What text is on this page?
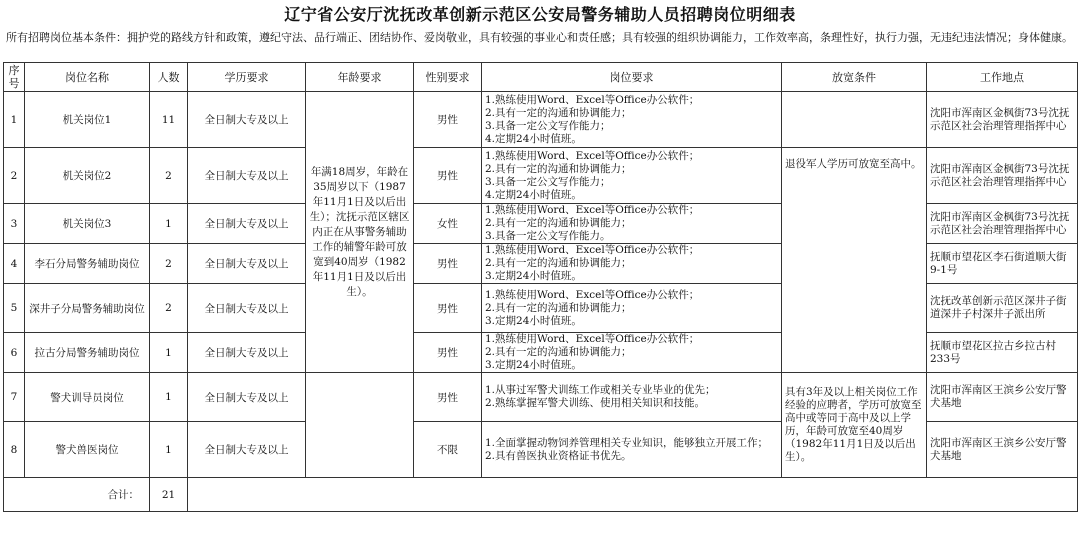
辽宁省公安厅沈抚改革创新示范区公安局警务辅助人员招聘岗位明细表
所有招聘岗位基本条件：拥护党的路线方针和政策，遵纪守法、品行端正、团结协作、爱岗敬业，具有较强的事业心和责任感；具有较强的组织协调能力，工作效率高，条理性好，执行力强，无违纪违法情况；身体健康。
序号	岗位名称	人数	学历要求	年龄要求	性别要求	岗位要求	放宽条件	工作地点
1	机关岗位1	11	全日制大专及以上	年满18周岁，年龄在35周岁以下（1987年11月1日及以后出生）；沈抚示范区辖区内正在从事警务辅助工作的辅警年龄可放宽到40周岁（1982年11月1日及以后出生）。	男性	1.熟练使用Word、Excel等Office办公软件；
2.具有一定的沟通和协调能力；
3.具备一定公文写作能力；
4.定期24小时值班。		沈阳市浑南区金枫街73号沈抚示范区社会治理管理指挥中心
2	机关岗位2	2	全日制大专及以上		男性	1.熟练使用Word、Excel等Office办公软件；
2.具有一定的沟通和协调能力；
3.具备一定公文写作能力；
4.定期24小时值班。	退役军人学历可放宽至高中。	沈阳市浑南区金枫街73号沈抚示范区社会治理管理指挥中心
3	机关岗位3	1	全日制大专及以上		女性	1.熟练使用Word、Excel等Office办公软件；
2.具有一定的沟通和协调能力；
3.具备一定公文写作能力。		沈阳市浑南区金枫街73号沈抚示范区社会治理管理指挥中心
4	李石分局警务辅助岗位	2	全日制大专及以上		男性	1.熟练使用Word、Excel等Office办公软件；
2.具有一定的沟通和协调能力；
3.定期24小时值班。		抚顺市望花区李石街道顺大街9-1号
5	深井子分局警务辅助岗位	2	全日制大专及以上		男性	1.熟练使用Word、Excel等Office办公软件；
2.具有一定的沟通和协调能力；
3.定期24小时值班。		沈抚改革创新示范区深井子街道深井子村深井子派出所
6	拉古分局警务辅助岗位	1	全日制大专及以上		男性	1.熟练使用Word、Excel等Office办公软件；
2.具有一定的沟通和协调能力；
3.定期24小时值班。		抚顺市望花区拉古乡拉古村233号
7	警犬训导员岗位	1	全日制大专及以上		男性	1.从事过军警犬训练工作或相关专业毕业的优先；
2.熟练掌握军警犬训练、使用相关知识和技能。	具有3年及以上相关岗位工作经验的应聘者，学历可放宽至高中或等同于高中及以上学历，年龄可放宽至40周岁（1982年11月1日及以后出生）。	沈阳市浑南区王滨乡公安厅警犬基地
8	警犬兽医岗位	1	全日制大专及以上		不限	1.全面掌握动物饲养管理相关专业知识，能够独立开展工作；
2.具有兽医执业资格证书优先。		沈阳市浑南区王滨乡公安厅警犬基地
合计：		21						
